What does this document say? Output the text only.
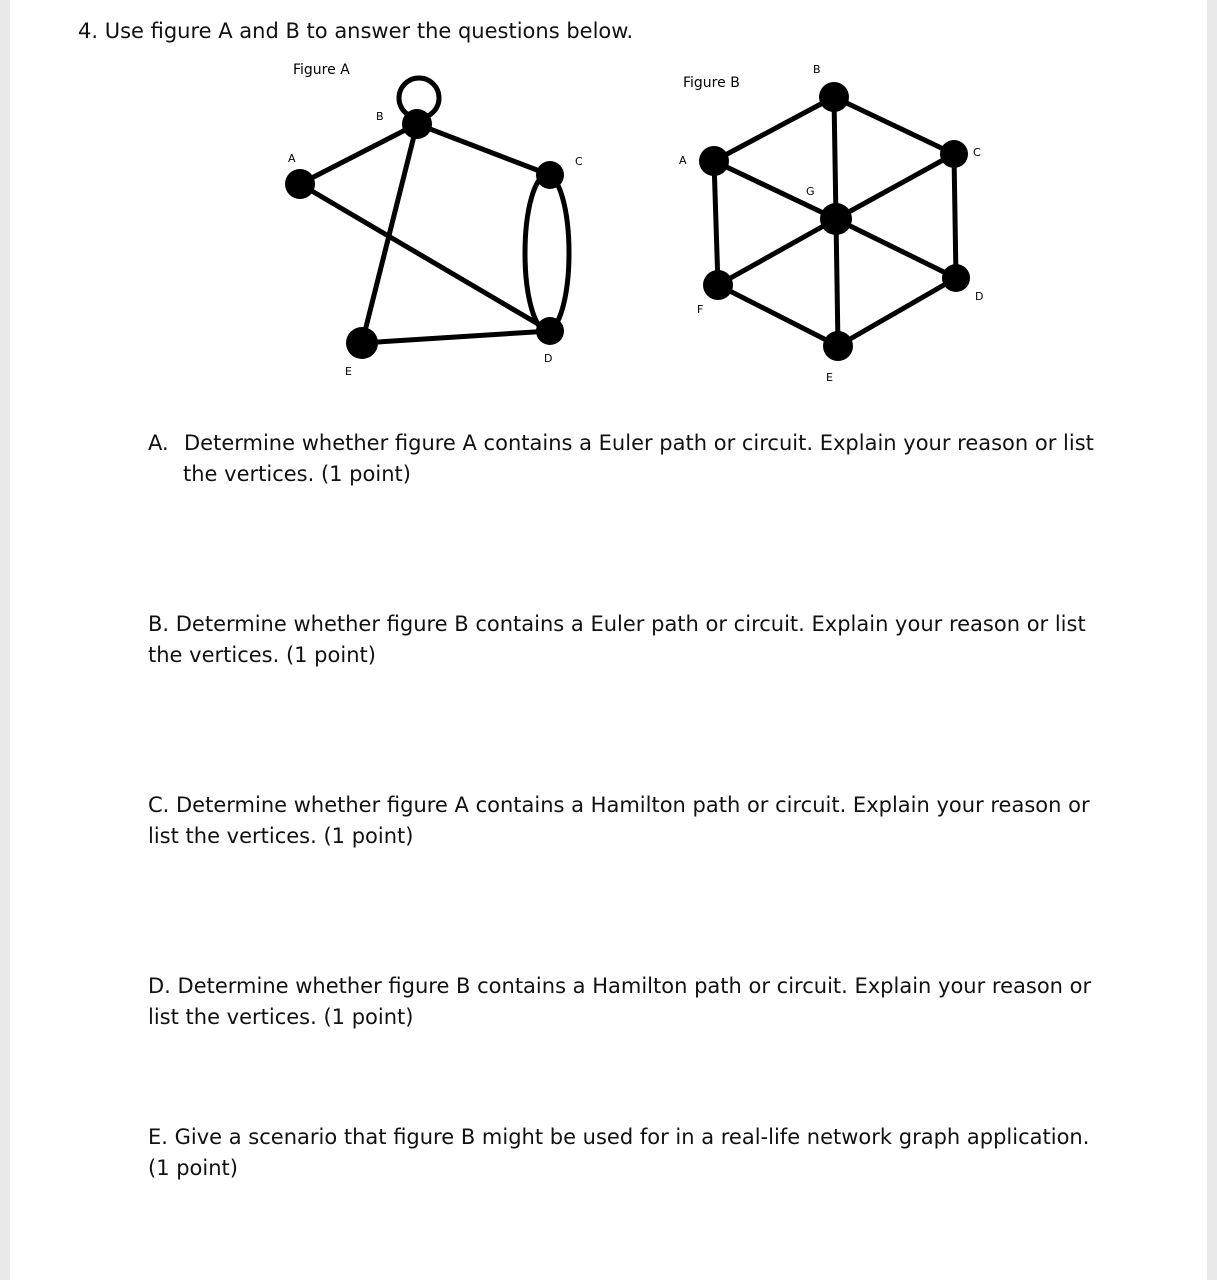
4. Use figure A and B to answer the questions below.

Figure A
A
B
C
D
E
Figure B
A
B
C
D
E
F
G
A. Determine whether figure A contains a Euler path or circuit. Explain your reason or list
the vertices. (1 point)
B. Determine whether figure B contains a Euler path or circuit. Explain your reason or list
the vertices. (1 point)
C. Determine whether figure A contains a Hamilton path or circuit. Explain your reason or
list the vertices. (1 point)
D. Determine whether figure B contains a Hamilton path or circuit. Explain your reason or
list the vertices. (1 point)
E. Give a scenario that figure B might be used for in a real-life network graph application.
(1 point)
